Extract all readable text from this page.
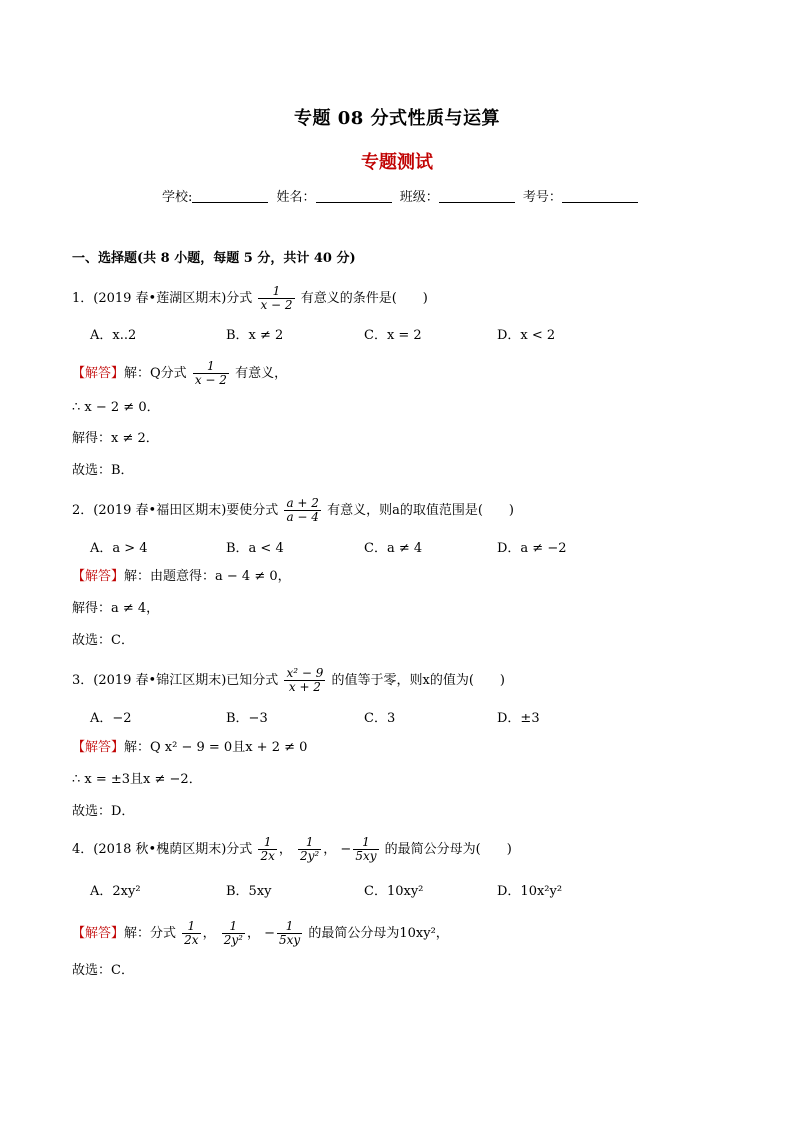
专题 08 分式性质与运算
专题测试
学校:	姓名：	班级：	考号：
一、选择题(共 8 小题，每题 5 分，共计 40 分)
1．(2019 春•莲湖区期末)分式 $\frac{1}{x - 2}$ 有意义的条件是(　　)
A．x..2	B．x ≠ 2	C．x = 2	D．x < 2
【解答】解：Q分式 $\frac{1}{x - 2}$ 有意义，
∴ x − 2 ≠ 0．
解得：x ≠ 2．
故选：B．
2．(2019 春•福田区期末)要使分式 $\frac{a + 2}{a - 4}$ 有意义，则a的取值范围是(　　)
A．a > 4	B．a < 4	C．a ≠ 4	D．a ≠ −2
【解答】解：由题意得：a − 4 ≠ 0，
解得：a ≠ 4，
故选：C．
3．(2019 春•锦江区期末)已知分式 $\frac{\text{x² − 9}}{x + 2}$ 的值等于零，则x的值为(　　)
A．−2	B．−3	C．3	D．±3
【解答】解：Q x² − 9 = 0且x + 2 ≠ 0
∴ x = ±3且x ≠ −2．
故选：D．
4．(2018 秋•槐荫区期末)分式 $\frac{1}{2x}$ ， $\frac{1}{\text{2y²}}$ ， − $\frac{1}{5xy}$ 的最简公分母为(　　)
A．2xy²	B．5xy	C．10xy²	D．10x²y²
【解答】解：分式 $\frac{1}{2x}$ ， $\frac{1}{\text{2y²}}$ ， − $\frac{1}{5xy}$ 的最简公分母为10xy²，
故选：C．
